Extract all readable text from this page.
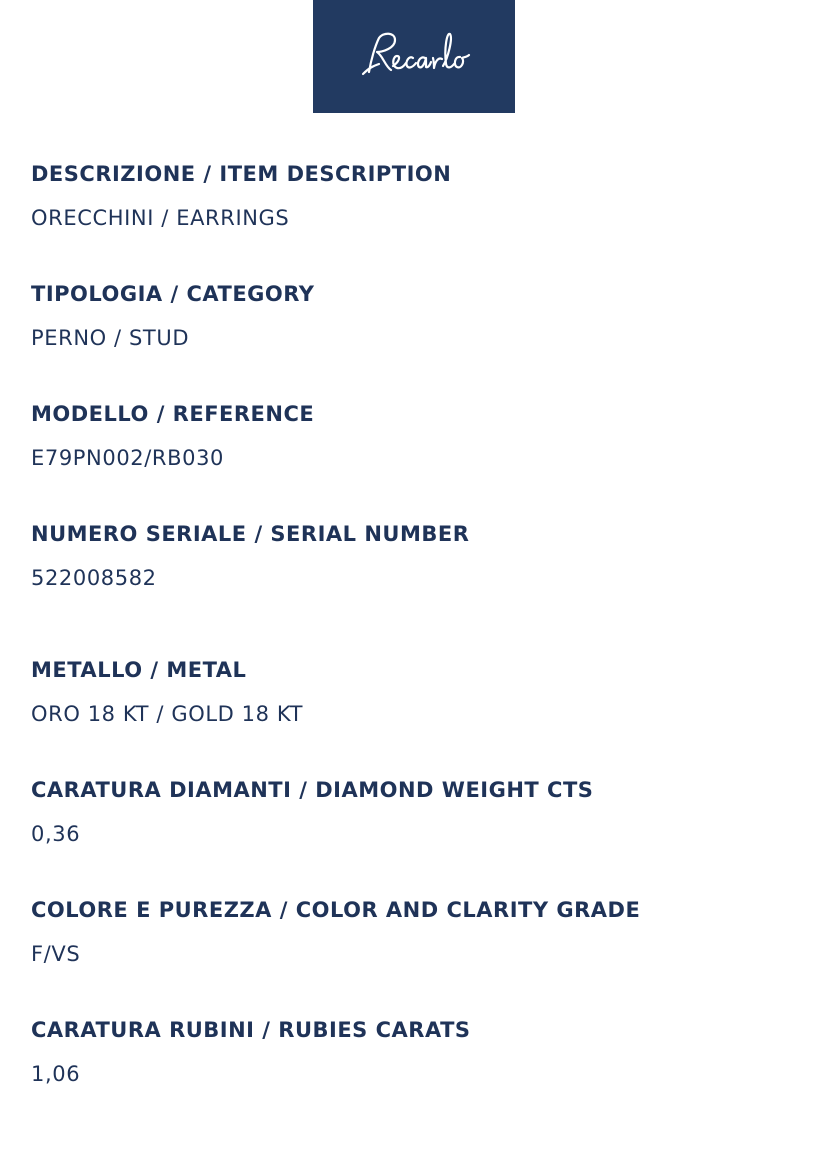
DESCRIZIONE / ITEM DESCRIPTION
ORECCHINI / EARRINGS
TIPOLOGIA / CATEGORY
PERNO / STUD
MODELLO / REFERENCE
E79PN002/RB030
NUMERO SERIALE / SERIAL NUMBER
522008582
METALLO / METAL
ORO 18 KT / GOLD 18 KT
CARATURA DIAMANTI / DIAMOND WEIGHT CTS
0,36
COLORE E PUREZZA / COLOR AND CLARITY GRADE
F/VS
CARATURA RUBINI / RUBIES CARATS
1,06
